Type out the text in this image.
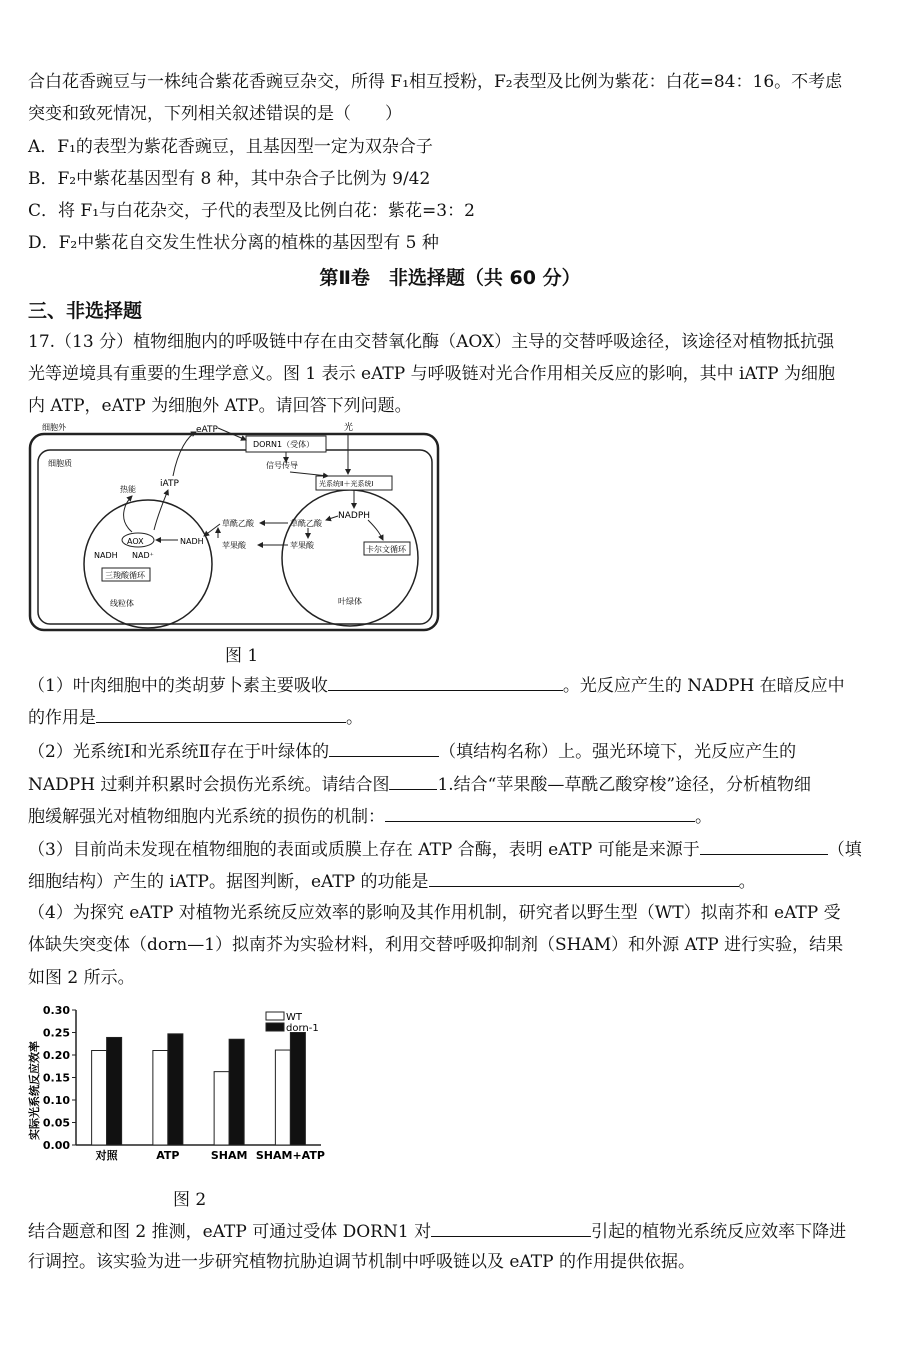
合白花香豌豆与一株纯合紫花香豌豆杂交，所得 F₁相互授粉，F₂表型及比例为紫花：白花=84：16。不考虑
突变和致死情况，下列相关叙述错误的是（　　）
A．F₁的表型为紫花香豌豆，且基因型一定为双杂合子
B．F₂中紫花基因型有 8 种，其中杂合子比例为 9/42
C．将 F₁与白花杂交，子代的表型及比例白花：紫花=3：2
D．F₂中紫花自交发生性状分离的植株的基因型有 5 种
第Ⅱ卷　非选择题（共 60 分）
三、非选择题
17.（13 分）植物细胞内的呼吸链中存在由交替氧化酶（AOX）主导的交替呼吸途径，该途径对植物抵抗强
光等逆境具有重要的生理学意义。图 1 表示 eATP 与呼吸链对光合作用相关反应的影响，其中 iATP 为细胞
内 ATP，eATP 为细胞外 ATP。请回答下列问题。
细胞外
细胞质
DORN1（受体）
eATP	光
信号传导
热能
iATP	光系统Ⅱ＋光系统Ⅰ
NADPH
AOX
NADH NAD⁺
NADH
草酰乙酸	草酰乙酸
苹果酸	苹果酸
三羧酸循环
卡尔文循环
线粒体	叶绿体
图 1
（1）叶肉细胞中的类胡萝卜素主要吸收	。光反应产生的 NADPH 在暗反应中
的作用是	。
（2）光系统Ⅰ和光系统Ⅱ存在于叶绿体的	（填结构名称）上。强光环境下，光反应产生的
NADPH 过剩并积累时会损伤光系统。请结合图	1.结合“苹果酸—草酰乙酸穿梭”途径，分析植物细
胞缓解强光对植物细胞内光系统的损伤的机制：	。
（3）目前尚未发现在植物细胞的表面或质膜上存在 ATP 合酶，表明 eATP 可能是来源于	（填
细胞结构）产生的 iATP。据图判断，eATP 的功能是	。
（4）为探究 eATP 对植物光系统反应效率的影响及其作用机制，研究者以野生型（WT）拟南芥和 eATP 受
体缺失突变体（dorn—1）拟南芥为实验材料，利用交替呼吸抑制剂（SHAM）和外源 ATP 进行实验，结果
如图 2 所示。
实际光系统反应效率
0.00
0.05
0.10
0.15
0.20
0.25
0.30
对照	ATP	SHAM SHAM+ATP
WT
dorn-1
图 2
结合题意和图 2 推测，eATP 可通过受体 DORN1 对	引起的植物光系统反应效率下降进
行调控。该实验为进一步研究植物抗胁迫调节机制中呼吸链以及 eATP 的作用提供依据。
